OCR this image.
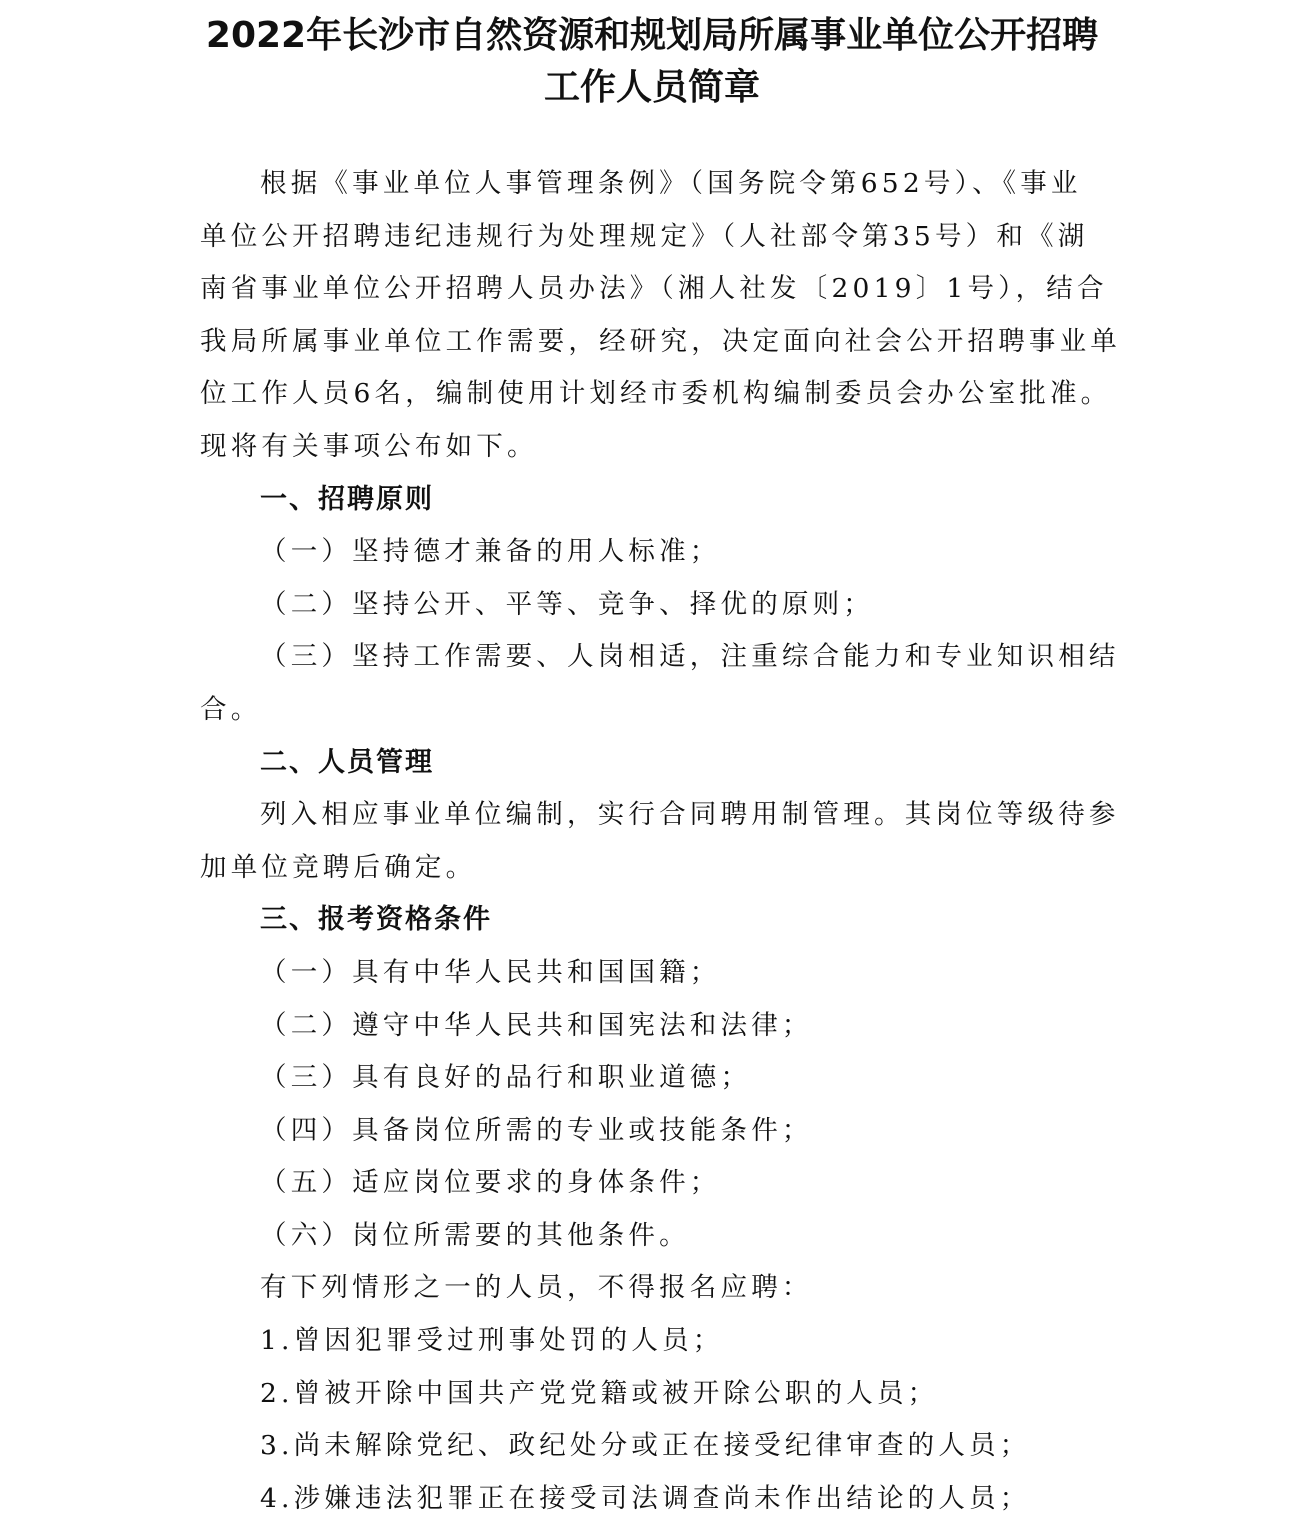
2022年长沙市自然资源和规划局所属事业单位公开招聘
工作人员简章

根据《事业单位人事管理条例》（国务院令第652号）、《事业

单位公开招聘违纪违规行为处理规定》（人社部令第35号）和《湖

南省事业单位公开招聘人员办法》（湘人社发〔2019〕1号），结合

我局所属事业单位工作需要，经研究，决定面向社会公开招聘事业单

位工作人员6名，编制使用计划经市委机构编制委员会办公室批准。

现将有关事项公布如下。

一、招聘原则

（一）坚持德才兼备的用人标准；

（二）坚持公开、平等、竞争、择优的原则；

（三）坚持工作需要、人岗相适，注重综合能力和专业知识相结

合。

二、人员管理

列入相应事业单位编制，实行合同聘用制管理。其岗位等级待参

加单位竞聘后确定。

三、报考资格条件

（一）具有中华人民共和国国籍；

（二）遵守中华人民共和国宪法和法律；

（三）具有良好的品行和职业道德；

（四）具备岗位所需的专业或技能条件；

（五）适应岗位要求的身体条件；

（六）岗位所需要的其他条件。

有下列情形之一的人员，不得报名应聘：

1.曾因犯罪受过刑事处罚的人员；

2.曾被开除中国共产党党籍或被开除公职的人员；

3.尚未解除党纪、政纪处分或正在接受纪律审查的人员；

4.涉嫌违法犯罪正在接受司法调查尚未作出结论的人员；
